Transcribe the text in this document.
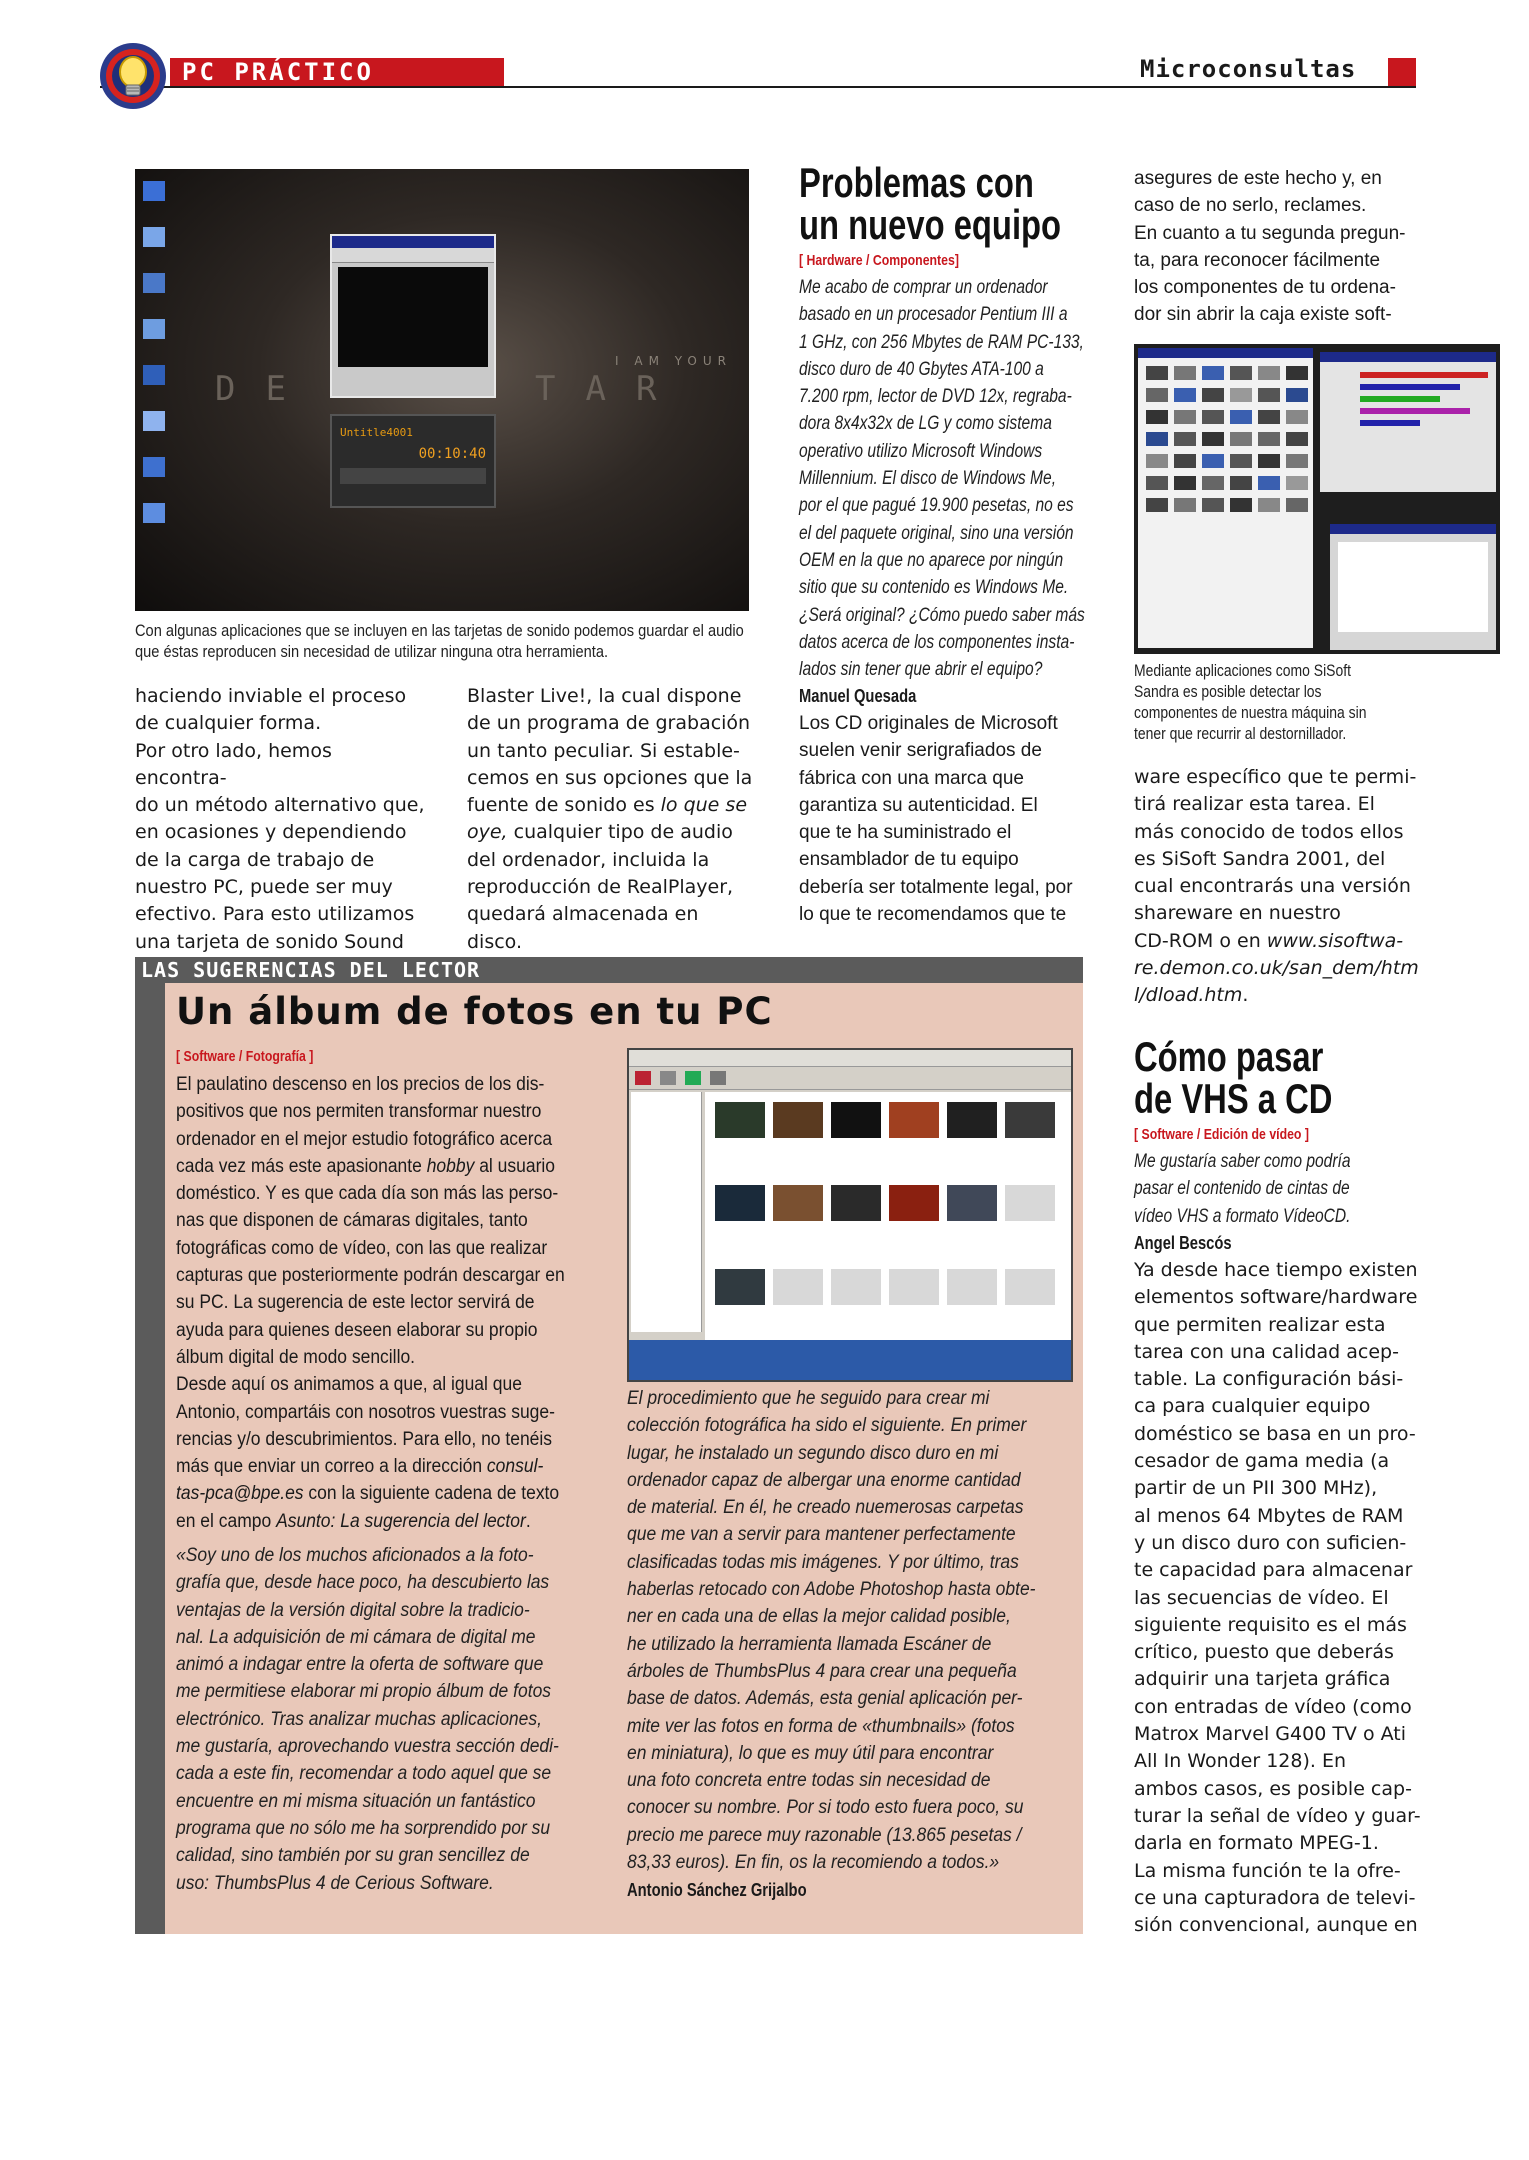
PC PRÁCTICO	Microconsultas
DE	TAR
I AM YOUR
Untitle4001
00:10:40
Con algunas aplicaciones que se incluyen en las tarjetas de sonido podemos guardar el audio que éstas reproducen sin necesidad de utilizar ninguna otra herramienta.

haciendo inviable el proceso

de cualquier forma.

Por otro lado, hemos encontra-

do un método alternativo que,

en ocasiones y dependiendo

de la carga de trabajo de

nuestro PC, puede ser muy

efectivo. Para esto utilizamos

una tarjeta de sonido Sound

Blaster Live!, la cual dispone

de un programa de grabación

un tanto peculiar. Si estable-

cemos en sus opciones que la

fuente de sonido es lo que se

oye, cualquier tipo de audio

del ordenador, incluida la

reproducción de RealPlayer,

quedará almacenada en disco.

Problemas con
un nuevo equipo
[ Hardware / Componentes]

Me acabo de comprar un ordenador

basado en un procesador Pentium III a

1 GHz, con 256 Mbytes de RAM PC-133,

disco duro de 40 Gbytes ATA-100 a

7.200 rpm, lector de DVD 12x, regraba-

dora 8x4x32x de LG y como sistema

operativo utilizo Microsoft Windows

Millennium. El disco de Windows Me,

por el que pagué 19.900 pesetas, no es

el del paquete original, sino una versión

OEM en la que no aparece por ningún

sitio que su contenido es Windows Me.

¿Será original? ¿Cómo puedo saber más

datos acerca de los componentes insta-

lados sin tener que abrir el equipo?

Manuel Quesada

Los CD originales de Microsoft

suelen venir serigrafiados de

fábrica con una marca que

garantiza su autenticidad. El

que te ha suministrado el

ensamblador de tu equipo

debería ser totalmente legal, por

lo que te recomendamos que te

asegures de este hecho y, en

caso de no serlo, reclames.

En cuanto a tu segunda pregun-

ta, para reconocer fácilmente

los componentes de tu ordena-

dor sin abrir la caja existe soft-

Mediante aplicaciones como SiSoft

Sandra es posible detectar los

componentes de nuestra máquina sin

tener que recurrir al destornillador.

ware específico que te permi-

tirá realizar esta tarea. El

más conocido de todos ellos

es SiSoft Sandra 2001, del

cual encontrarás una versión

shareware en nuestro

CD-ROM o en www.sisoftwa-

re.demon.co.uk/san_dem/htm

l/dload.htm.

Cómo pasar
de VHS a CD
[ Software / Edición de vídeo ]

Me gustaría saber como podría

pasar el contenido de cintas de

vídeo VHS a formato VídeoCD.

Angel Bescós

Ya desde hace tiempo existen

elementos software/hardware

que permiten realizar esta

tarea con una calidad acep-

table. La configuración bási-

ca para cualquier equipo

doméstico se basa en un pro-

cesador de gama media (a

partir de un PII 300 MHz),

al menos 64 Mbytes de RAM

y un disco duro con suficien-

te capacidad para almacenar

las secuencias de vídeo. El

siguiente requisito es el más

crítico, puesto que deberás

adquirir una tarjeta gráfica

con entradas de vídeo (como

Matrox Marvel G400 TV o Ati

All In Wonder 128). En

ambos casos, es posible cap-

turar la señal de vídeo y guar-

darla en formato MPEG-1.

La misma función te la ofre-

ce una capturadora de televi-

sión convencional, aunque en

LAS SUGERENCIAS DEL LECTOR
Un álbum de fotos en tu PC
[ Software / Fotografía ]

El paulatino descenso en los precios de los dis-

positivos que nos permiten transformar nuestro

ordenador en el mejor estudio fotográfico acerca

cada vez más este apasionante hobby al usuario

doméstico. Y es que cada día son más las perso-

nas que disponen de cámaras digitales, tanto

fotográficas como de vídeo, con las que realizar

capturas que posteriormente podrán descargar en

su PC. La sugerencia de este lector servirá de

ayuda para quienes deseen elaborar su propio

álbum digital de modo sencillo.

Desde aquí os animamos a que, al igual que

Antonio, compartáis con nosotros vuestras suge-

rencias y/o descubrimientos. Para ello, no tenéis

más que enviar un correo a la dirección consul-

tas-pca@bpe.es con la siguiente cadena de texto

en el campo Asunto: La sugerencia del lector.

«Soy uno de los muchos aficionados a la foto-

grafía que, desde hace poco, ha descubierto las

ventajas de la versión digital sobre la tradicio-

nal. La adquisición de mi cámara de digital me

animó a indagar entre la oferta de software que

me permitiese elaborar mi propio álbum de fotos

electrónico. Tras analizar muchas aplicaciones,

me gustaría, aprovechando vuestra sección dedi-

cada a este fin, recomendar a todo aquel que se

encuentre en mi misma situación un fantástico

programa que no sólo me ha sorprendido por su

calidad, sino también por su gran sencillez de

uso: ThumbsPlus 4 de Cerious Software.

El procedimiento que he seguido para crear mi

colección fotográfica ha sido el siguiente. En primer

lugar, he instalado un segundo disco duro en mi

ordenador capaz de albergar una enorme cantidad

de material. En él, he creado nuemerosas carpetas

que me van a servir para mantener perfectamente

clasificadas todas mis imágenes. Y por último, tras

haberlas retocado con Adobe Photoshop hasta obte-

ner en cada una de ellas la mejor calidad posible,

he utilizado la herramienta llamada Escáner de

árboles de ThumbsPlus 4 para crear una pequeña

base de datos. Además, esta genial aplicación per-

mite ver las fotos en forma de «thumbnails» (fotos

en miniatura), lo que es muy útil para encontrar

una foto concreta entre todas sin necesidad de

conocer su nombre. Por si todo esto fuera poco, su

precio me parece muy razonable (13.865 pesetas /

83,33 euros). En fin, os la recomiendo a todos.»

Antonio Sánchez Grijalbo
